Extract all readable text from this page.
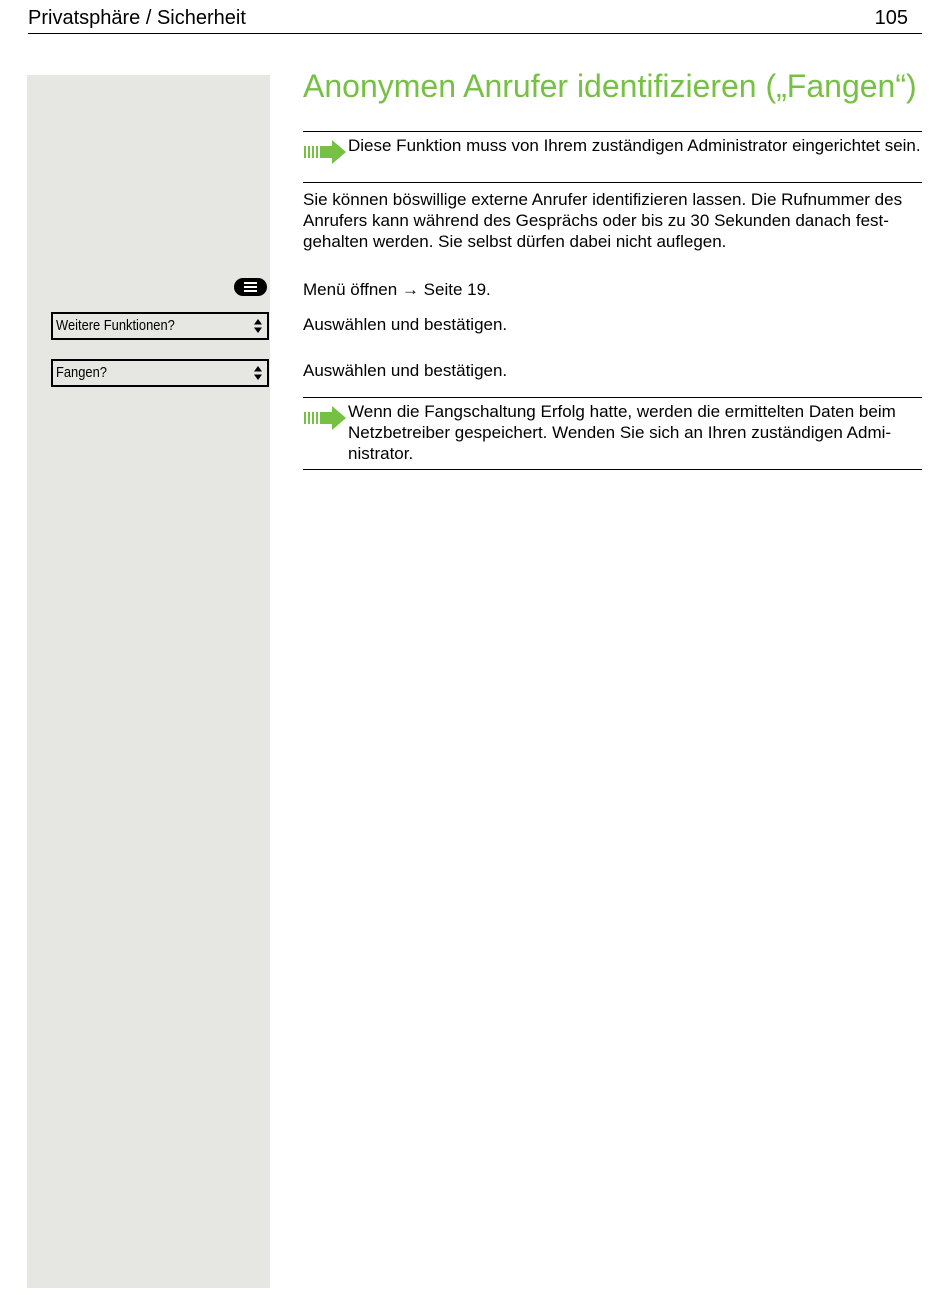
Privatsphäre / Sicherheit	105
Weitere Funktionen?
Fangen?
Anonymen Anrufer identifizieren („Fangen“)
Diese Funktion muss von Ihrem zuständigen Administrator eingerichtet sein.
Sie können böswillige externe Anrufer identifizieren lassen. Die Rufnummer des Anrufers kann während des Gesprächs oder bis zu 30 Sekunden danach fest-gehalten werden. Sie selbst dürfen dabei nicht auflegen.
Menü öffnen → Seite 19.
Auswählen und bestätigen.
Auswählen und bestätigen.
Wenn die Fangschaltung Erfolg hatte, werden die ermittelten Daten beim Netzbetreiber gespeichert. Wenden Sie sich an Ihren zuständigen Admi-nistrator.
